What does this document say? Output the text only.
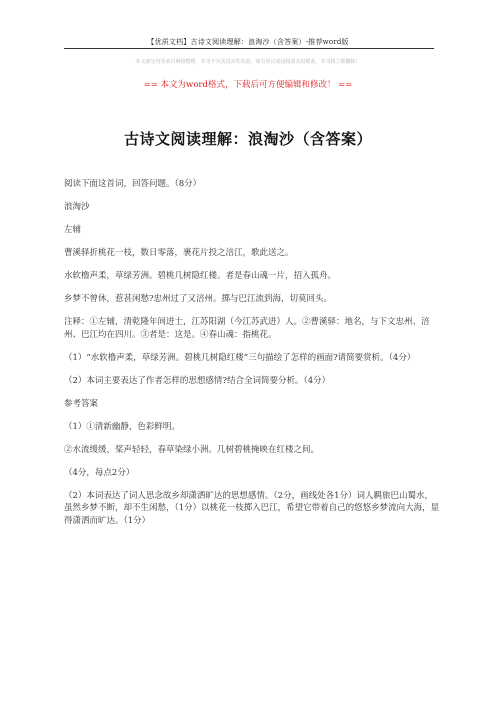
【优质文档】古诗文阅读理解：浪淘沙（含答案）-推荐word版
本文部分内容来自网络整理，本司不为其真实性负责，如有异议或侵权请及时联系，本司将立即删除！
== 本文为word格式，下载后可方便编辑和修改！ ==
古诗文阅读理解：浪淘沙（含答案）

阅读下面这首词，回答问题。（8分）

浪淘沙

左辅

曹溪驿折桃花一枝，数日零落，裹花片投之涪江，歌此送之。

水软橹声柔，草绿芳洲。碧桃几树隐红楼。者是春山魂一片，招入孤舟。

乡梦不曾休，惹甚闲愁?忠州过了又涪州。掷与巴江流到海，切莫回头。

注释：①左辅，清乾隆年间进士，江苏阳湖（今江苏武进）人。②曹溪驿：地名，与下文忠州、涪州、巴江均在四川。③者是：这是。④春山魂：指桃花。

（1）“水软橹声柔，草绿芳洲。碧桃几树隐红楼”三句描绘了怎样的画面?请简要赏析。（4分）

（2）本词主要表达了作者怎样的思想感情?结合全词简要分析。（4分）

参考答案

（1）①清新幽静，色彩鲜明。

②水流缓缓，桨声轻轻，春草染绿小洲。几树碧桃掩映在红楼之间。

（4分，每点2分）

（2）本词表达了词人思念故乡却潇洒旷达的思想感情。（2分，画线处各1分）词人羁旅巴山蜀水，虽然乡梦不断，却不生闲愁，（1分）以桃花一枝掷入巴江，希望它带着自己的悠悠乡梦流向大海，显得潇洒而旷达。（1分）
